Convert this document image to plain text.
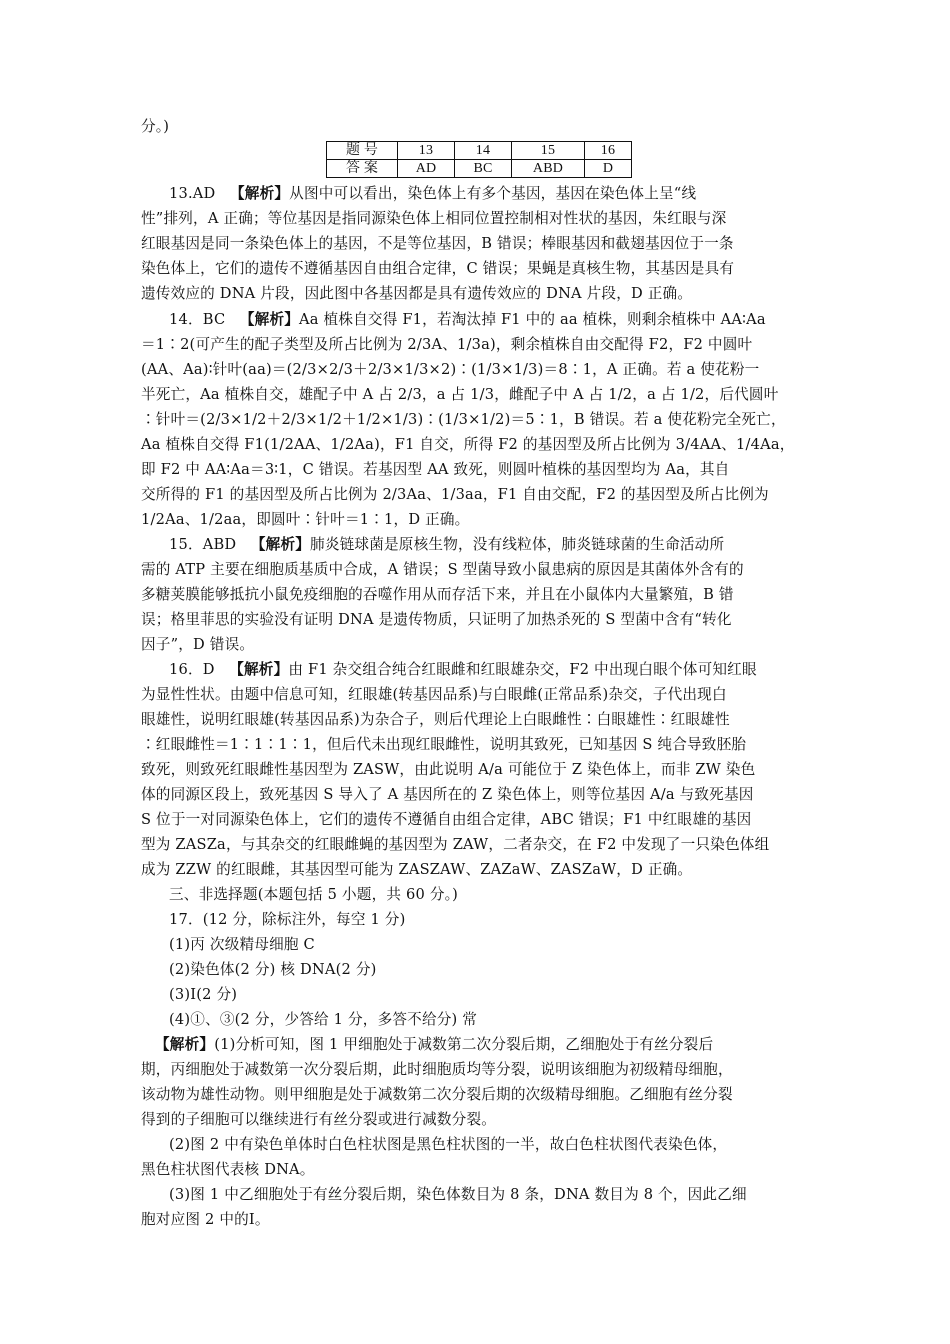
分。)
题 号	13	14	15	16
答 案	AD	BC	ABD	D
13.AD 【解析】从图中可以看出，染色体上有多个基因，基因在染色体上呈“线
性”排列，A 正确；等位基因是指同源染色体上相同位置控制相对性状的基因，朱红眼与深
红眼基因是同一条染色体上的基因，不是等位基因，B 错误；棒眼基因和截翅基因位于一条
染色体上，它们的遗传不遵循基因自由组合定律，C 错误；果蝇是真核生物，其基因是具有
遗传效应的 DNA 片段，因此图中各基因都是具有遗传效应的 DNA 片段，D 正确。
14．BC 【解析】Aa 植株自交得 F1，若淘汰掉 F1 中的 aa 植株，则剩余植株中 AA∶Aa
＝1∶2(可产生的配子类型及所占比例为 2/3A、1/3a)，剩余植株自由交配得 F2，F2 中圆叶
(AA、Aa)∶针叶(aa)＝(2/3×2/3＋2/3×1/3×2)∶(1/3×1/3)＝8∶1，A 正确。若 a 使花粉一
半死亡，Aa 植株自交，雄配子中 A 占 2/3，a 占 1/3，雌配子中 A 占 1/2，a 占 1/2，后代圆叶
∶针叶＝(2/3×1/2＋2/3×1/2＋1/2×1/3)∶(1/3×1/2)＝5∶1，B 错误。若 a 使花粉完全死亡，
Aa 植株自交得 F1(1/2AA、1/2Aa)，F1 自交，所得 F2 的基因型及所占比例为 3/4AA、1/4Aa，
即 F2 中 AA∶Aa＝3∶1，C 错误。若基因型 AA 致死，则圆叶植株的基因型均为 Aa，其自
交所得的 F1 的基因型及所占比例为 2/3Aa、1/3aa，F1 自由交配，F2 的基因型及所占比例为
1/2Aa、1/2aa，即圆叶∶针叶＝1∶1，D 正确。
15．ABD 【解析】肺炎链球菌是原核生物，没有线粒体，肺炎链球菌的生命活动所
需的 ATP 主要在细胞质基质中合成，A 错误；S 型菌导致小鼠患病的原因是其菌体外含有的
多糖荚膜能够抵抗小鼠免疫细胞的吞噬作用从而存活下来，并且在小鼠体内大量繁殖，B 错
误；格里菲思的实验没有证明 DNA 是遗传物质，只证明了加热杀死的 S 型菌中含有“转化
因子”，D 错误。
16．D 【解析】由 F1 杂交组合纯合红眼雌和红眼雄杂交，F2 中出现白眼个体可知红眼
为显性性状。由题中信息可知，红眼雄(转基因品系)与白眼雌(正常品系)杂交，子代出现白
眼雄性，说明红眼雄(转基因品系)为杂合子，则后代理论上白眼雌性∶白眼雄性∶红眼雄性
∶红眼雌性＝1∶1∶1∶1，但后代未出现红眼雌性，说明其致死，已知基因 S 纯合导致胚胎
致死，则致死红眼雌性基因型为 ZASW，由此说明 A/a 可能位于 Z 染色体上，而非 ZW 染色
体的同源区段上，致死基因 S 导入了 A 基因所在的 Z 染色体上，则等位基因 A/a 与致死基因
S 位于一对同源染色体上，它们的遗传不遵循自由组合定律，ABC 错误；F1 中红眼雄的基因
型为 ZASZa，与其杂交的红眼雌蝇的基因型为 ZAW，二者杂交，在 F2 中发现了一只染色体组
成为 ZZW 的红眼雌，其基因型可能为 ZASZAW、ZAZaW、ZASZaW，D 正确。
三、非选择题(本题包括 5 小题，共 60 分。)
17．(12 分，除标注外，每空 1 分)
(1)丙 次级精母细胞 C
(2)染色体(2 分) 核 DNA(2 分)
(3)Ⅰ(2 分)
(4)①、③(2 分，少答给 1 分，多答不给分) 常
【解析】(1)分析可知，图 1 甲细胞处于减数第二次分裂后期，乙细胞处于有丝分裂后
期，丙细胞处于减数第一次分裂后期，此时细胞质均等分裂，说明该细胞为初级精母细胞，
该动物为雄性动物。则甲细胞是处于减数第二次分裂后期的次级精母细胞。乙细胞有丝分裂
得到的子细胞可以继续进行有丝分裂或进行减数分裂。
(2)图 2 中有染色单体时白色柱状图是黑色柱状图的一半，故白色柱状图代表染色体，
黑色柱状图代表核 DNA。
(3)图 1 中乙细胞处于有丝分裂后期，染色体数目为 8 条，DNA 数目为 8 个，因此乙细
胞对应图 2 中的Ⅰ。
